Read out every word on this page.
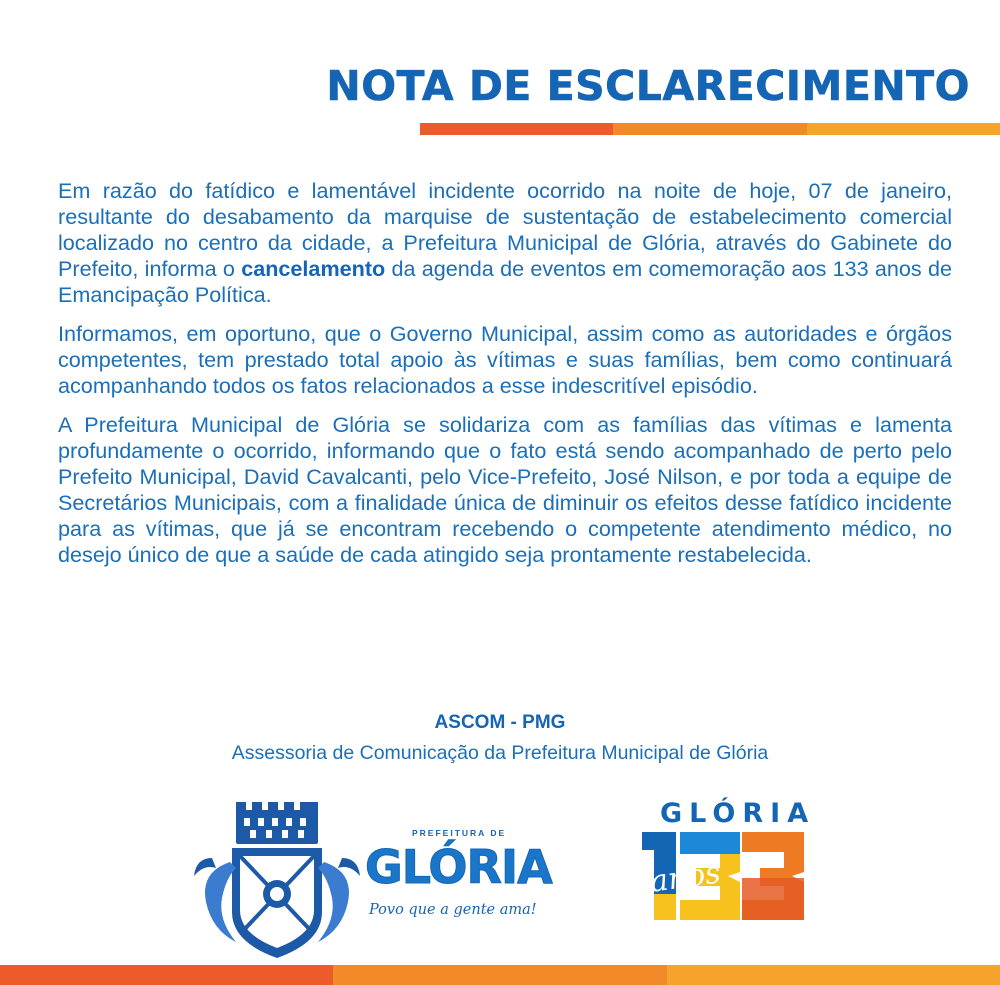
NOTA DE ESCLARECIMENTO

Em razão do fatídico e lamentável incidente ocorrido na noite de hoje, 07 de janeiro, resultante do desabamento da marquise de sustentação de estabelecimento comercial localizado no centro da cidade, a Prefeitura Municipal de Glória, através do Gabinete do Prefeito, informa o cancelamento da agenda de eventos em comemoração aos 133 anos de Emancipação Política.

Informamos, em oportuno, que o Governo Municipal, assim como as autoridades e órgãos competentes, tem prestado total apoio às vítimas e suas famílias, bem como continuará acompanhando todos os fatos relacionados a esse indescritível episódio.

A Prefeitura Municipal de Glória se solidariza com as famílias das vítimas e lamenta profundamente o ocorrido, informando que o fato está sendo acompanhado de perto pelo Prefeito Municipal, David Cavalcanti, pelo Vice-Prefeito, José Nilson, e por toda a equipe de Secretários Municipais, com a finalidade única de diminuir os efeitos desse fatídico incidente para as vítimas, que já se encontram recebendo o competente atendimento médico, no desejo único de que a saúde de cada atingido seja prontamente restabelecida.

ASCOM - PMG
Assessoria de Comunicação da Prefeitura Municipal de Glória
PREFEITURA DE
GLÓRIA
Povo que a gente ama!
GLÓRIA
anos
